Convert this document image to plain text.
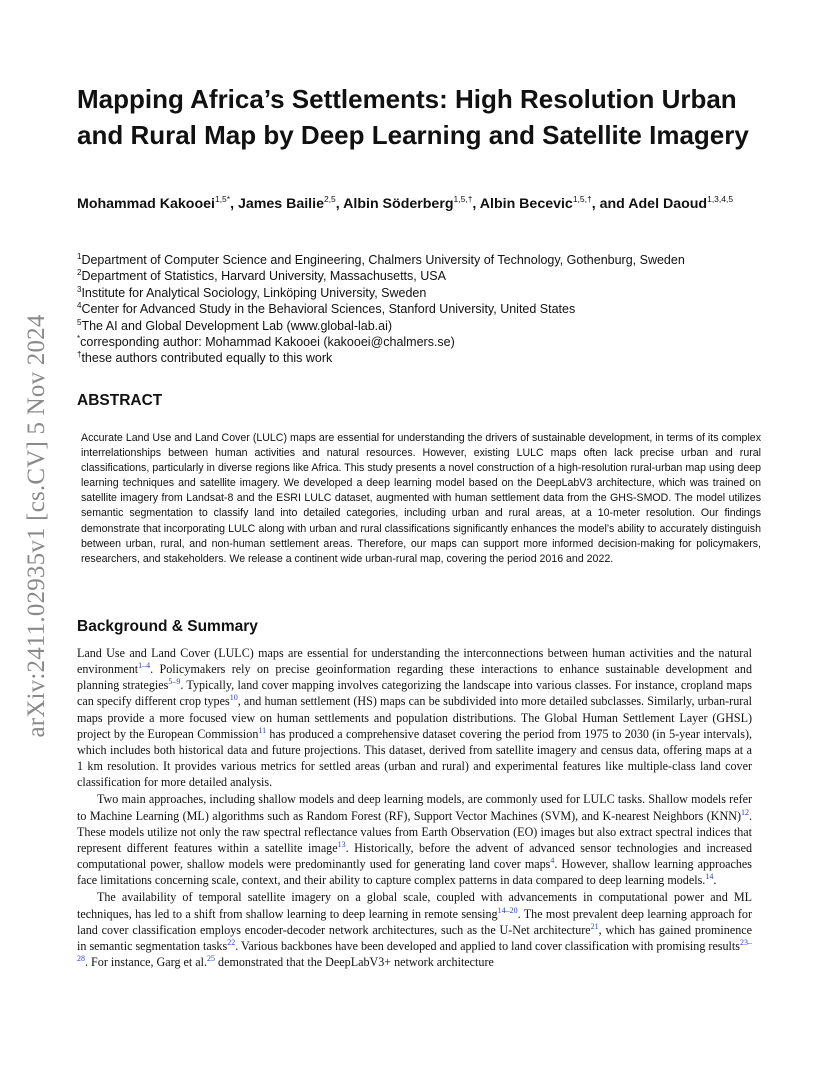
arXiv:2411.02935v1 [cs.CV] 5 Nov 2024
Mapping Africa’s Settlements: High Resolution Urban and Rural Map by Deep Learning and Satellite Imagery

Mohammad Kakooei$^{1,5*}$, James Bailie$^{2,5}$, Albin Söderberg$^{1,5,\dagger}$, Albin Becevic$^{1,5,\dagger}$, and Adel Daoud$^{1,3,4,5}$

$^1$Department of Computer Science and Engineering, Chalmers University of Technology, Gothenburg, Sweden
$^2$Department of Statistics, Harvard University, Massachusetts, USA
$^3$Institute for Analytical Sociology, Linköping University, Sweden
$^4$Center for Advanced Study in the Behavioral Sciences, Stanford University, United States
$^5$The AI and Global Development Lab (www.global-lab.ai)
*corresponding author: Mohammad Kakooei (kakooei@chalmers.se)
†these authors contributed equally to this work
ABSTRACT

Accurate Land Use and Land Cover (LULC) maps are essential for understanding the drivers of sustainable development, in terms of its complex interrelationships between human activities and natural resources. However, existing LULC maps often lack precise urban and rural classifications, particularly in diverse regions like Africa. This study presents a novel construction of a high-resolution rural-urban map using deep learning techniques and satellite imagery. We developed a deep learning model based on the DeepLabV3 architecture, which was trained on satellite imagery from Landsat-8 and the ESRI LULC dataset, augmented with human settlement data from the GHS-SMOD. The model utilizes semantic segmentation to classify land into detailed categories, including urban and rural areas, at a 10-meter resolution. Our findings demonstrate that incorporating LULC along with urban and rural classifications significantly enhances the model’s ability to accurately distinguish between urban, rural, and non-human settlement areas. Therefore, our maps can support more informed decision-making for policymakers, researchers, and stakeholders. We release a continent wide urban-rural map, covering the period 2016 and 2022.

Background & Summary

Land Use and Land Cover (LULC) maps are essential for understanding the interconnections between human activities and the natural environment$^{1-4}$. Policymakers rely on precise geoinformation regarding these interactions to enhance sustainable development and planning strategies$^{5-9}$. Typically, land cover mapping involves categorizing the landscape into various classes. For instance, cropland maps can specify different crop types$^{10}$, and human settlement (HS) maps can be subdivided into more detailed subclasses. Similarly, urban-rural maps provide a more focused view on human settlements and population distributions. The Global Human Settlement Layer (GHSL) project by the European Commission$^{11}$ has produced a comprehensive dataset covering the period from 1975 to 2030 (in 5-year intervals), which includes both historical data and future projections. This dataset, derived from satellite imagery and census data, offering maps at a 1 km resolution. It provides various metrics for settled areas (urban and rural) and experimental features like multiple-class land cover classification for more detailed analysis.

Two main approaches, including shallow models and deep learning models, are commonly used for LULC tasks. Shallow models refer to Machine Learning (ML) algorithms such as Random Forest (RF), Support Vector Machines (SVM), and K-nearest Neighbors (KNN)$^{12}$. These models utilize not only the raw spectral reflectance values from Earth Observation (EO) images but also extract spectral indices that represent different features within a satellite image$^{13}$. Historically, before the advent of advanced sensor technologies and increased computational power, shallow models were predominantly used for generating land cover maps$^4$. However, shallow learning approaches face limitations concerning scale, context, and their ability to capture complex patterns in data compared to deep learning models.$^{14}$.

The availability of temporal satellite imagery on a global scale, coupled with advancements in computational power and ML techniques, has led to a shift from shallow learning to deep learning in remote sensing$^{14-20}$. The most prevalent deep learning approach for land cover classification employs encoder-decoder network architectures, such as the U-Net architecture$^{21}$, which has gained prominence in semantic segmentation tasks$^{22}$. Various backbones have been developed and applied to land cover classification with promising results$^{23-28}$. For instance, Garg et al.$^{25}$ demonstrated that the DeepLabV3+ network architecture
